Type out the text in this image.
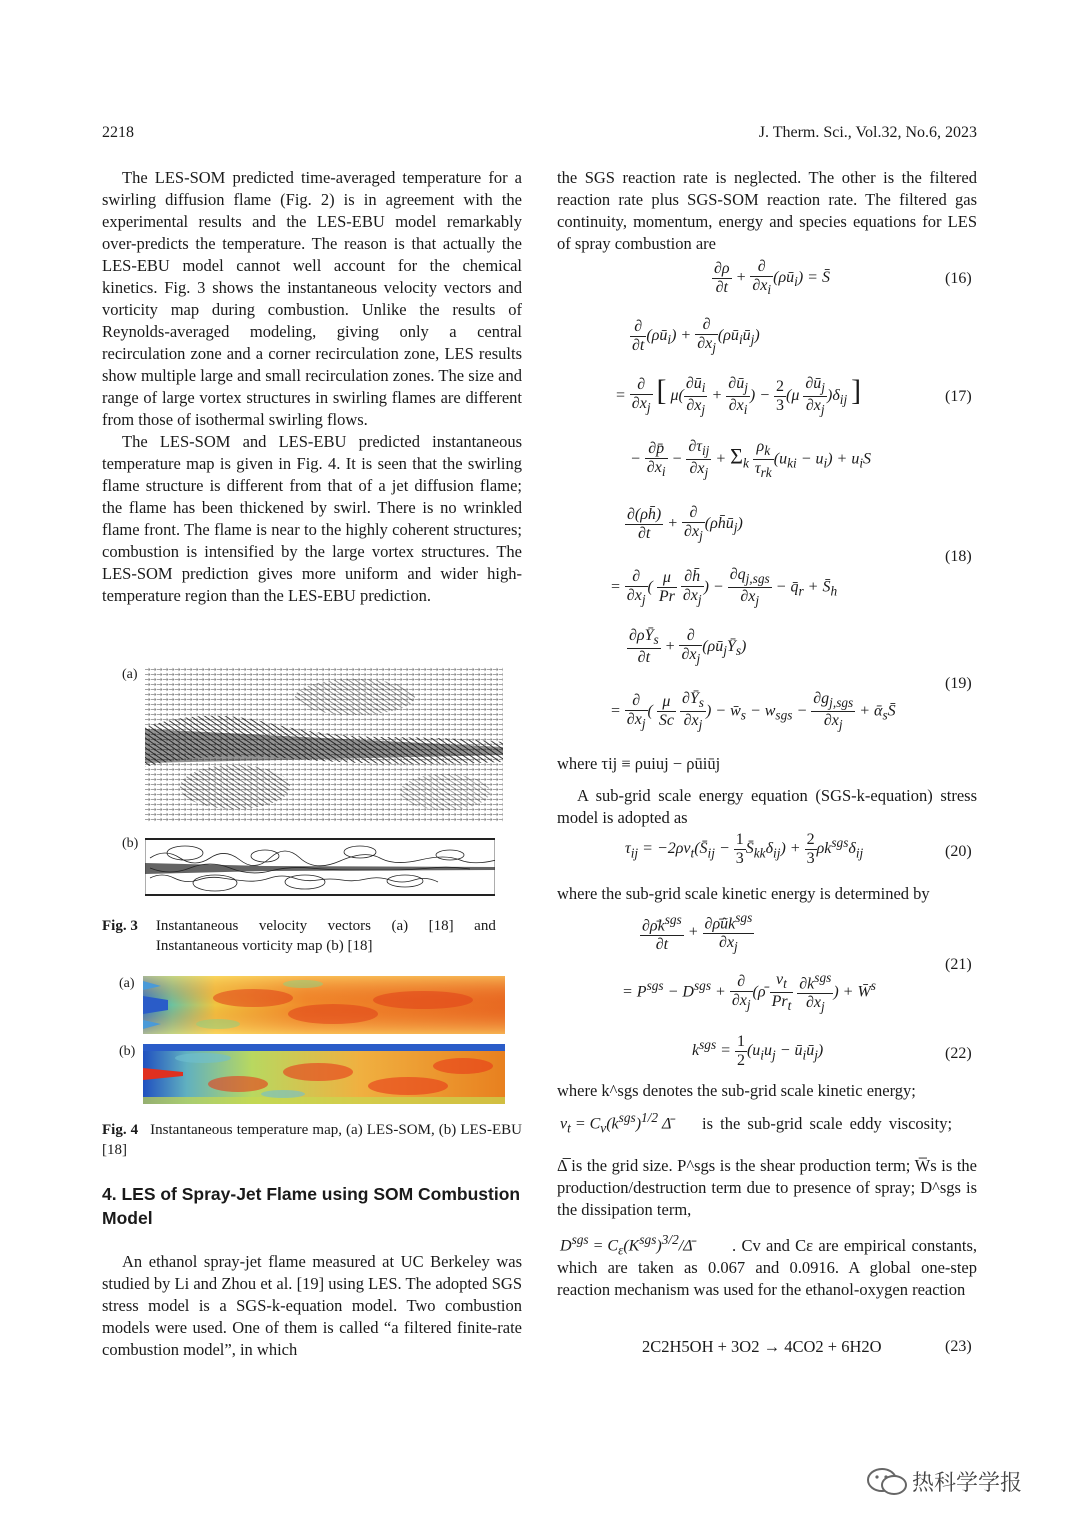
2218	J. Therm. Sci., Vol.32, No.6, 2023

The LES-SOM predicted time-averaged temperature for a swirling diffusion flame (Fig. 2) is in agreement with the experimental results and the LES-EBU model remarkably over-predicts the temperature. The reason is that actually the LES-EBU model cannot well account for the chemical kinetics. Fig. 3 shows the instantaneous velocity vectors and vorticity map during combustion. Unlike the results of Reynolds-averaged modeling, giving only a central recirculation zone and a corner recirculation zone, LES results show multiple large and small recirculation zones. The size and range of large vortex structures in swirling flames are different from those of isothermal swirling flows.

The LES-SOM and LES-EBU predicted instantaneous temperature map is given in Fig. 4. It is seen that the swirling flame structure is different from that of a jet diffusion flame; the flame has been thickened by swirl. There is no wrinkled flame front. The flame is near to the highly coherent structures; combustion is intensified by the large vortex structures. The LES-SOM prediction gives more uniform and wider high-temperature region than the LES-EBU prediction.

(a)
(b)
Fig. 3 Instantaneous velocity vectors (a) [18] and Instantaneous vorticity map (b) [18]
(a)
(b)
Fig. 4 Instantaneous temperature map, (a) LES-SOM, (b) LES-EBU [18]
4. LES of Spray-Jet Flame using SOM Combustion Model

An ethanol spray-jet flame measured at UC Berkeley was studied by Li and Zhou et al. [19] using LES. The adopted SGS stress model is a SGS-k-equation model. Two combustion models were used. One of them is called “a filtered finite-rate combustion model”, in which

the SGS reaction rate is neglected. The other is the filtered reaction rate plus SGS-SOM reaction rate. The filtered gas continuity, momentum, energy and species equations for LES of spray combustion are

$\frac{\partial\rho}{\partial t} + \frac{\partial}{\partial x_i}$ $(\rho ū_i)$ = S̄	(16)
$\frac{\partial}{\partial t}$ $(\rho ū_i) + \frac{\partial}{\partial x_j}$ $(\rho ū_iū_j)$
= $\frac{\partial}{\partial x_j}$ [ $\mu( \frac{\partial ū_i}{\partial x_j} + \frac{\partial ū_j}{\partial x_i}$ ) − $\frac{2}{3} (\mu \frac{\partial ū_j}{\partial x_j} )\delta_{ij}$ ]	(17)
− $\frac{\partial p̄}{\partial x_i} - \frac{\partial\tau_{ij}}{\partial x_j} + \Sigma_k \frac{\rho_k}{\tau_{rk}} (u_{ki} - u_i) + u_iS$
$\frac{\partial(\rho h̄)}{\partial t} + \frac{\partial}{\partial x_j}$ $(\rho h̄ū_j)$
(18)
= $\frac{\partial}{\partial x_j}$ ( $\frac{\mu}{Pr}$
$\frac{\partial h̄}{\partial x_j}$ ) − $\frac{\partial q_{j,sgs}}{\partial x_j}$ − $q̄_r$ + $S̄_h$
$\frac{\partial\rho Ȳ_s}{\partial t} + \frac{\partial}{\partial x_j}$ $(\rho ū_jȲ_s)$
(19)
= $\frac{\partial}{\partial x_j}$ ( $\frac{\mu}{Sc}$
$\frac{\partial Ȳ_s}{\partial x_j}$ ) − $w̄_s - w_{sgs} - \frac{\partial g_{j,sgs}}{\partial x_j}$ + ᾱ$_s$S̄

where τij ≡ ρuiuj − ρūiūj

A sub-grid scale energy equation (SGS-k-equation) stress model is adopted as

$\tau_{ij}$ = $-2\rho\nu_t(S̄_{ij} - \frac{1}{3}$ $S̄_{kk}\delta_{ij}) + \frac{2}{3} \rho k^{sgs}\delta_{ij}$	(20)
where the sub-grid scale kinetic energy is determined by
$\frac{\partial\rhōk^{sgs}}{\partial t} + \frac{\partial\rhōũk^{sgs}}{\partial x_j}$
(21)
= $P^{sgs} - D^{sgs} + \frac{\partial}{\partial x_j}$ (ρ̄ $\frac{\nu_t}{Pr_t}$
$\frac{\partial k^{sgs}}{\partial x_j}$ ) + W̄$^s$
$k^{sgs} = \frac{1}{2} (u_iu_j$ − $ū_iū_j$)	(22)
where k^sgs denotes the sub-grid scale kinetic energy;
$\nu_t = C_v(k^{sgs})^{1/2}$ Δ̄ is the sub-grid scale eddy viscosity;
Δ̅ is the grid size. P^sgs is the shear production term; W̅s is the production/destruction term due to presence of spray; D^sgs is the dissipation term,
$D^{sgs}$ = $C_\varepsilon(K^{sgs})^{3/2}/\Deltā$	. Cv and Cε are empirical constants, which are taken as 0.067 and 0.0916. A global one-step reaction mechanism was used for the ethanol-oxygen reaction
2C2H5OH + 3O2 → 4CO2 + 6H2O	(23)
热科学学报
